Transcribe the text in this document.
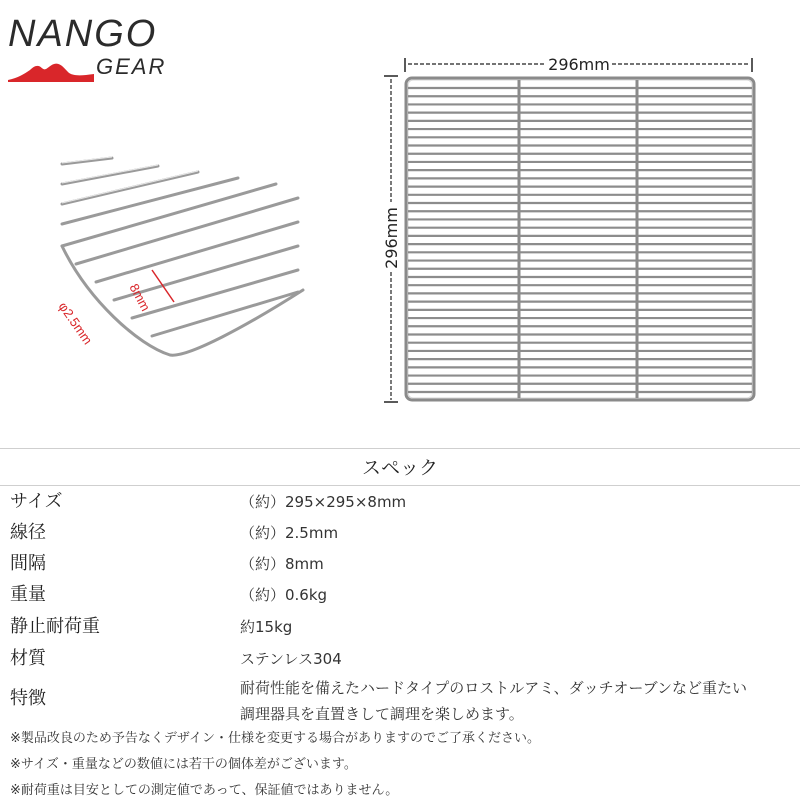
NANGO
GEAR
8mm
φ2.5mm
296mm
296mm
スペック
サイズ	（約）295×295×8mm
線径	（約）2.5mm
間隔	（約）8mm
重量	（約）0.6kg
静止耐荷重	約15kg
材質	ステンレス304
特徴	耐荷性能を備えたハードタイプのロストルアミ、ダッチオーブンなど重たい
調理器具を直置きして調理を楽しめます。
※製品改良のため予告なくデザイン・仕様を変更する場合がありますのでご了承ください。
※サイズ・重量などの数値には若干の個体差がございます。
※耐荷重は目安としての測定値であって、保証値ではありません。
